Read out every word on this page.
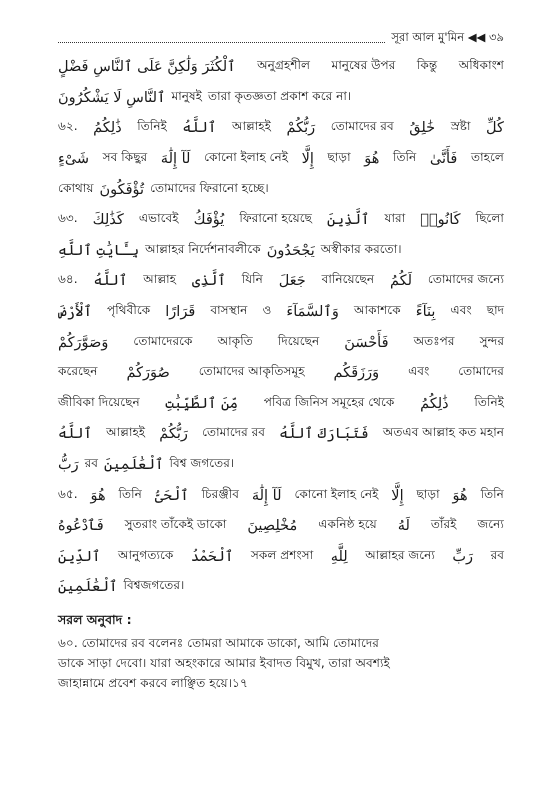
সূরা আল মু'মিন ◀◀ ৩৯
ٱلْكُثَرَ وَلَٰكِنَّ عَلَى ٱلنَّاسِ فَضْلٍ অনুগ্রহশীল মানুষের উপর কিন্তু অধিকাংশ
ٱلنَّاسِ لَا يَشْكُرُونَ মানুষই তারা কৃতজ্ঞতা প্রকাশ করে না।
৬২. ذَٰلِكُمُ তিনিই ٱللَّهُ আল্লাহই رَبُّكُمْ তোমাদের রব خَٰلِقُ স্রষ্টা كُلِّ
شَىْءٍ সব কিছুর لَآ إِلَٰهَ কোনো ইলাহ নেই إِلَّا ছাড়া هُوَ তিনি فَأَنَّىٰ তাহলে
কোথায় تُؤْفَكُونَ তোমাদের ফিরানো হচ্ছে।
৬৩. كَذَٰلِكَ এভাবেই يُؤْفَكُ ফিরানো হয়েছে ٱلَّذِينَ যারা كَانُوا۟ ছিলো
بِـَٔايَٰتِ ٱللَّهِ আল্লাহর নির্দেশনাবলীকে يَجْحَدُونَ অস্বীকার করতো।
৬৪. ٱللَّهُ আল্লাহ ٱلَّذِى যিনি جَعَلَ বানিয়েছেন لَكُمُ তোমাদের জন্যে
ٱلْأَرْضَ পৃথিবীকে قَرَارًا বাসস্থান ও وَٱلسَّمَآءَ আকাশকে بِنَآءً এবং ছাদ
وَصَوَّرَكُمْ তোমাদেরকে আকৃতি দিয়েছেন فَأَحْسَنَ অতঃপর সুন্দর
করেছেন صُوَرَكُمْ তোমাদের আকৃতিসমূহ وَرَزَقَكُم এবং তোমাদের
জীবিকা দিয়েছেন مِّنَ ٱلطَّيِّبَٰتِ পবিত্র জিনিস সমূহের থেকে ذَٰلِكُمُ তিনিই
ٱللَّهُ আল্লাহই رَبُّكُمْ তোমাদের রব فَتَبَارَكَ ٱللَّهُ অতএব আল্লাহ কত মহান
رَبُّ রব ٱلْعَٰلَمِينَ বিশ্ব জগতের।
৬৫. هُوَ তিনি ٱلْحَىُّ চিরঞ্জীব لَآ إِلَٰهَ কোনো ইলাহ নেই إِلَّا ছাড়া هُوَ তিনি
فَٱدْعُوهُ সুতরাং তাঁকেই ডাকো مُخْلِصِينَ একনিষ্ঠ হয়ে لَهُ তাঁরই জন্যে
ٱلدِّينَ আনুগত্যকে ٱلْحَمْدُ সকল প্রশংসা لِلَّهِ আল্লাহর জন্যে رَبِّ রব
ٱلْعَٰلَمِينَ বিশ্বজগতের।
সরল অনুবাদ :
৬০. তোমাদের রব বলেনঃ তোমরা আমাকে ডাকো, আমি তোমাদের
ডাকে সাড়া দেবো। যারা অহংকারে আমার ইবাদত বিমুখ, তারা অবশ্যই
জাহান্নামে প্রবেশ করবে লাঞ্ছিত হয়ে।১৭
